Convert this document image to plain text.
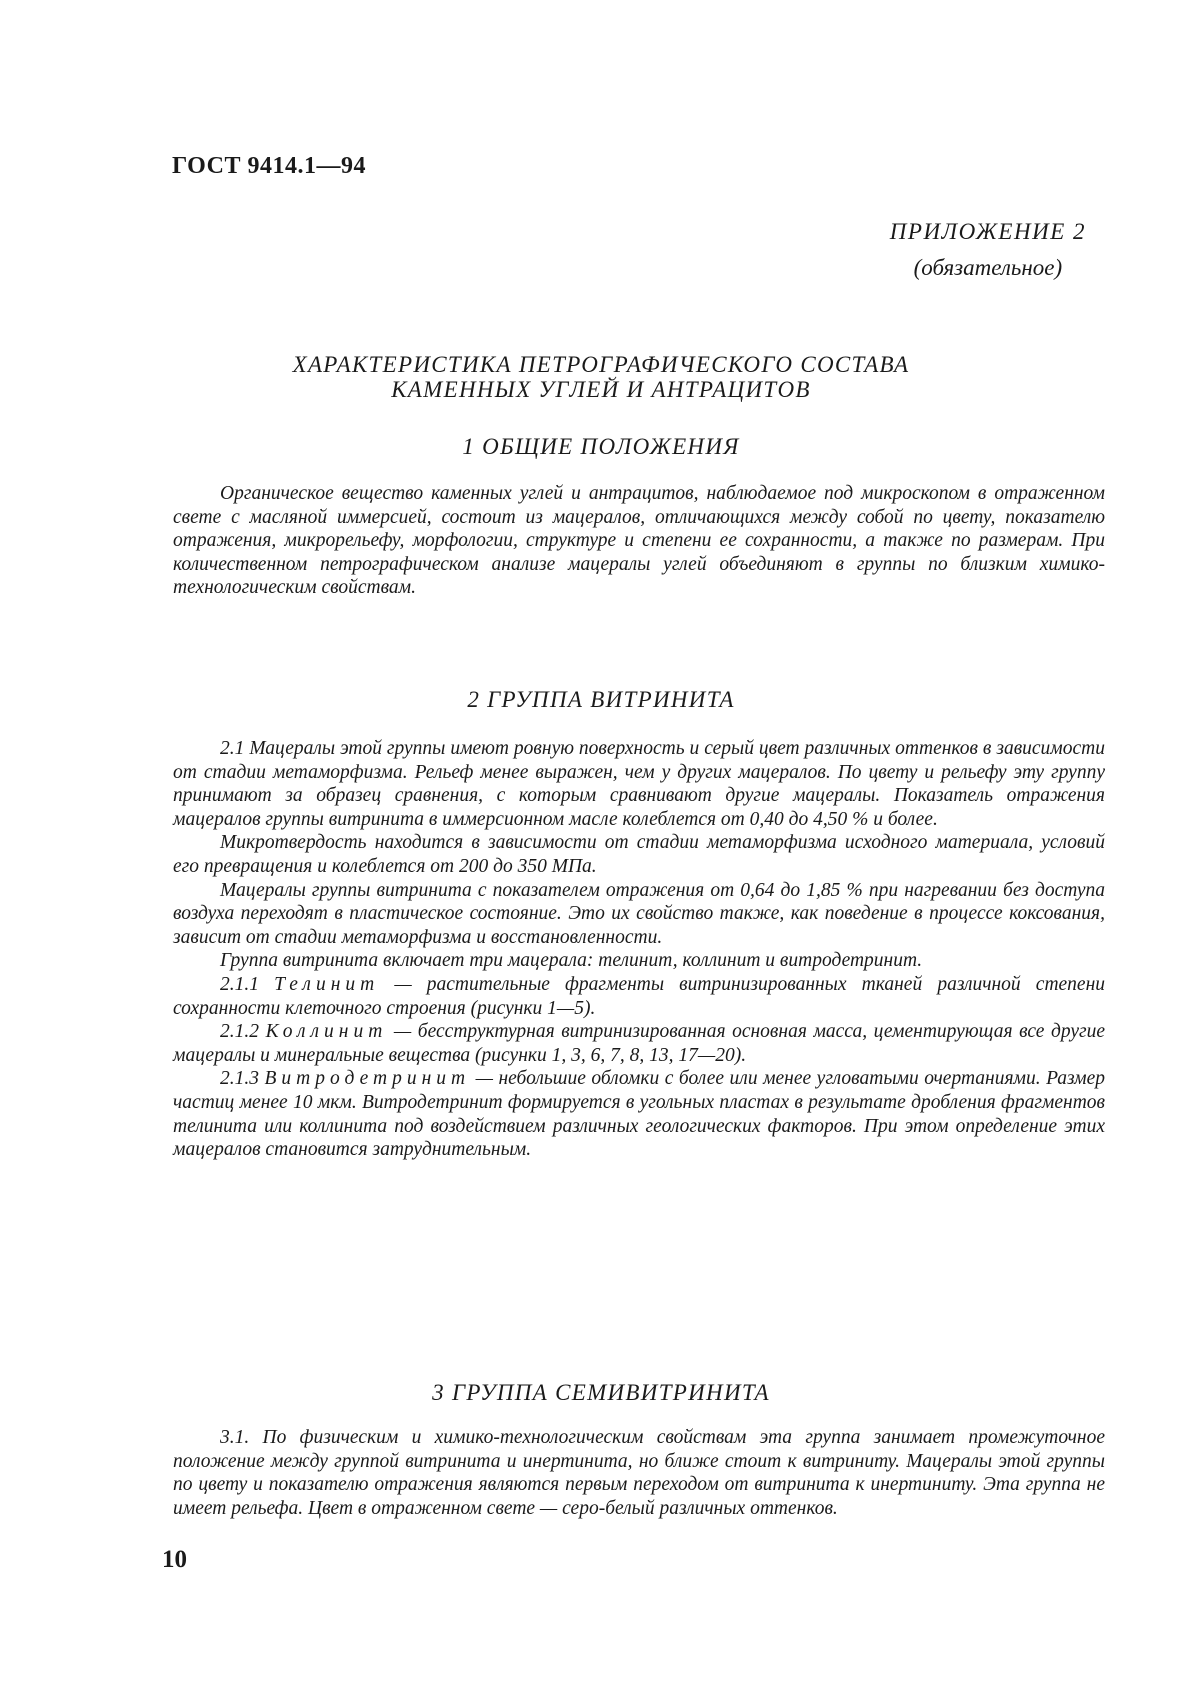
ГОСТ 9414.1—94
ПРИЛОЖЕНИЕ 2
(обязательное)
ХАРАКТЕРИСТИКА ПЕТРОГРАФИЧЕСКОГО СОСТАВА
КАМЕННЫХ УГЛЕЙ И АНТРАЦИТОВ
1 ОБЩИЕ ПОЛОЖЕНИЯ

Органическое вещество каменных углей и антрацитов, наблюдаемое под микроскопом в отраженном свете с масляной иммерсией, состоит из мацералов, отличающихся между собой по цвету, показателю отражения, микрорельефу, морфологии, структуре и степени ее сохранности, а также по размерам. При количественном петрографическом анализе мацералы углей объединяют в группы по близким химико-технологическим свойствам.

2 ГРУППА ВИТРИНИТА

2.1 Мацералы этой группы имеют ровную поверхность и серый цвет различных оттенков в зависимости от стадии метаморфизма. Рельеф менее выражен, чем у других мацералов. По цвету и рельефу эту группу принимают за образец сравнения, с которым сравнивают другие мацералы. Показатель отражения мацералов группы витринита в иммерсионном масле колеблется от 0,40 до 4,50 % и более.

Микротвердость находится в зависимости от стадии метаморфизма исходного материала, условий его превращения и колеблется от 200 до 350 МПа.

Мацералы группы витринита с показателем отражения от 0,64 до 1,85 % при нагревании без доступа воздуха переходят в пластическое состояние. Это их свойство также, как поведение в процессе коксования, зависит от стадии метаморфизма и восстановленности.

Группа витринита включает три мацерала: телинит, коллинит и витродетринит.

2.1.1 Телинит — растительные фрагменты витринизированных тканей различной степени сохранности клеточного строения (рисунки 1—5).

2.1.2 Коллинит — бесструктурная витринизированная основная масса, цементирующая все другие мацералы и минеральные вещества (рисунки 1, 3, 6, 7, 8, 13, 17—20).

2.1.3 Витродетринит — небольшие обломки с более или менее угловатыми очертаниями. Размер частиц менее 10 мкм. Витродетринит формируется в угольных пластах в результате дробления фрагментов телинита или коллинита под воздействием различных геологических факторов. При этом определение этих мацералов становится затруднительным.

3 ГРУППА СЕМИВИТРИНИТА

3.1. По физическим и химико-технологическим свойствам эта группа занимает промежуточное положение между группой витринита и инертинита, но ближе стоит к витриниту. Мацералы этой группы по цвету и показателю отражения являются первым переходом от витринита к инертиниту. Эта группа не имеет рельефа. Цвет в отраженном свете — серо-белый различных оттенков.

10
